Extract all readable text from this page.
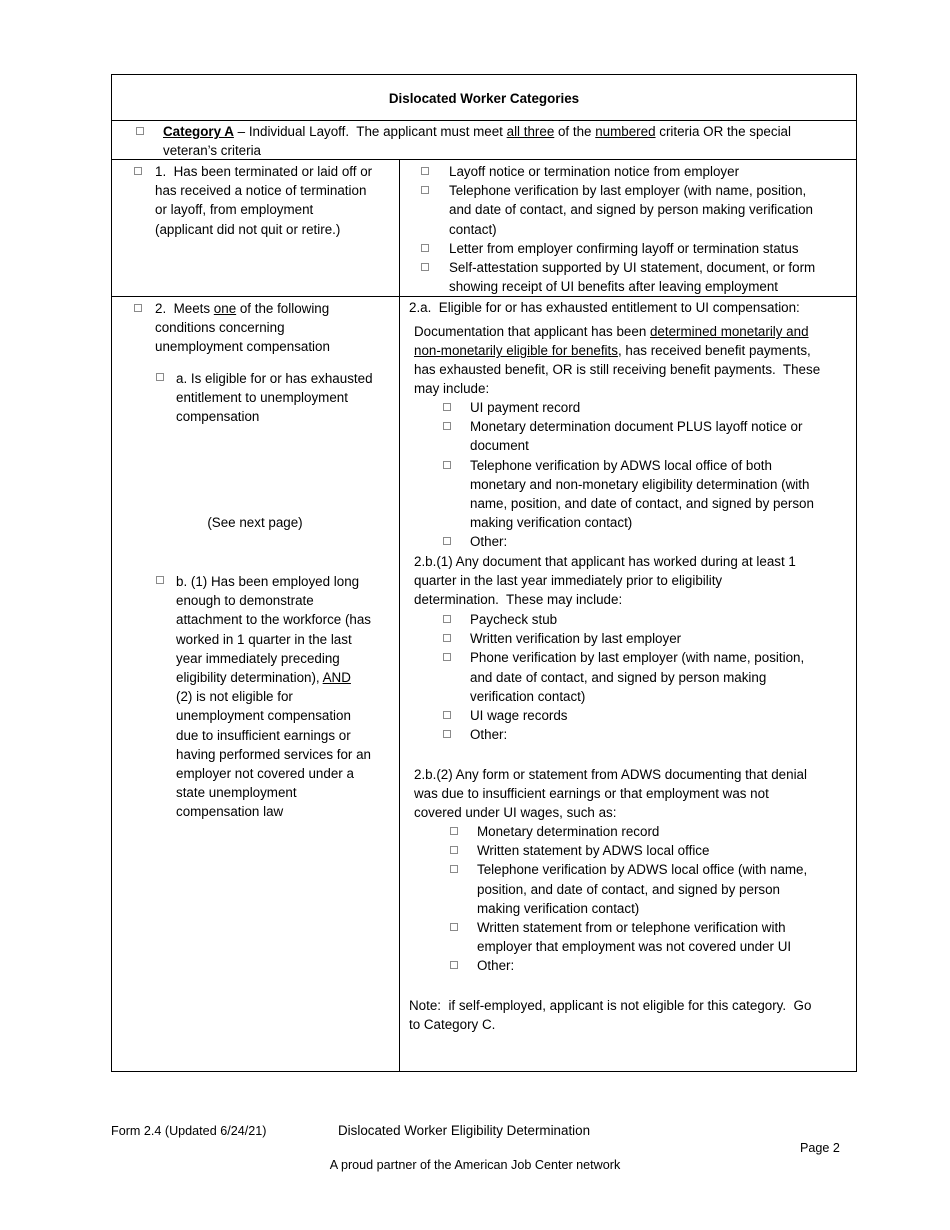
Dislocated Worker Categories
Category A – Individual Layoff.  The applicant must meet all three of the numbered criteria OR the special
veteran’s criteria
1.  Has been terminated or laid off or
has received a notice of termination
or layoff, from employment
(applicant did not quit or retire.)
Layoff notice or termination notice from employer
Telephone verification by last employer (with name, position,
and date of contact, and signed by person making verification
contact)
Letter from employer confirming layoff or termination status
Self-attestation supported by UI statement, document, or form
showing receipt of UI benefits after leaving employment
2.  Meets one of the following
conditions concerning
unemployment compensation
a. Is eligible for or has exhausted
entitlement to unemployment
compensation
(See next page)
b. (1) Has been employed long
enough to demonstrate
attachment to the workforce (has
worked in 1 quarter in the last
year immediately preceding
eligibility determination), AND
(2) is not eligible for
unemployment compensation
due to insufficient earnings or
having performed services for an
employer not covered under a
state unemployment
compensation law
2.a.  Eligible for or has exhausted entitlement to UI compensation:
Documentation that applicant has been determined monetarily and
non-monetarily eligible for benefits, has received benefit payments,
has exhausted benefit, OR is still receiving benefit payments.  These
may include:
UI payment record
Monetary determination document PLUS layoff notice or
document
Telephone verification by ADWS local office of both
monetary and non-monetary eligibility determination (with
name, position, and date of contact, and signed by person
making verification contact)
Other:
2.b.(1) Any document that applicant has worked during at least 1
quarter in the last year immediately prior to eligibility
determination.  These may include:
Paycheck stub
Written verification by last employer
Phone verification by last employer (with name, position,
and date of contact, and signed by person making
verification contact)
UI wage records
Other:
2.b.(2) Any form or statement from ADWS documenting that denial
was due to insufficient earnings or that employment was not
covered under UI wages, such as:
Monetary determination record
Written statement by ADWS local office
Telephone verification by ADWS local office (with name,
position, and date of contact, and signed by person
making verification contact)
Written statement from or telephone verification with
employer that employment was not covered under UI
Other:
Note:  if self-employed, applicant is not eligible for this category.  Go
to Category C.
Form 2.4 (Updated 6/24/21)	Dislocated Worker Eligibility Determination
Page 2
A proud partner of the American Job Center network
